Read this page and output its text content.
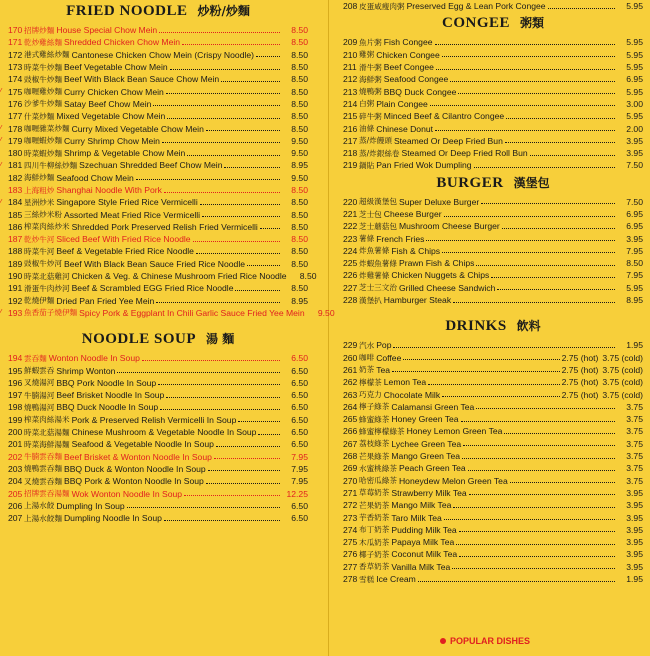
FRIED NOODLE 炒粉/炒麵
170 招牌炒麵 House Special Chow Mein	8.50
171 乾炒雞絲麵 Shredded Chicken Chow Mein	8.50
172 港式雞絲炒麵 Cantonese Chicken Chow Mein (Crispy Noodle)	8.50
173 時菜牛炒麵 Beef Vegetable Chow Mein	8.50
174 豉椒牛炒麵 Beef With Black Bean Sauce Chow Mein	8.50
⁄ 175 咖喱雞炒麵 Curry Chicken Chow Mein	8.50
176 沙爹牛炒麵 Satay Beef Chow Mein	8.50
177 什菜炒麵 Mixed Vegetable Chow Mein	8.50
⁄ 178 咖喱雜菜炒麵 Curry Mixed Vegetable Chow Mein	8.50
⁄ 179 咖喱蝦炒麵 Curry Shrimp Chow Mein	9.50
180 時菜蝦炒麵 Shrimp & Vegetable Chow Mein	9.50
⁄ 181 四川牛柳絲炒麵 Szechuan Shredded Beef Chow Mein	8.95
182 海鮮炒麵 Seafood Chow Mein	9.50
183 上海粗炒 Shanghai Noodle With Pork	8.50
⁄ 184 星洲炒米 Singapore Style Fried Rice Vermicelli	8.50
185 三絲炒米粉 Assorted Meat Fried Rice Vermicelli	8.50
186 榨菜肉絲炒米 Shredded Pork Preserved Relish Fried Vermicelli	8.50
187 乾炒牛河 Sliced Beef With Fried Rice Noodle	8.50
188 時菜牛河 Beef & Vegetable Fried Rice Noodle	8.50
189 豉椒牛炒河 Beef With Black Bean Sauce Fried Rice Noodle	8.50
190 時菜北菇雞河 Chicken & Veg. & Chinese Mushroom Fried Rice Noodle	8.50
191 滑蛋牛肉炒河 Beef & Scrambled EGG Fried Rice Noodle	8.50
192 乾燒伊麵 Dried Pan Fried Yee Mein	8.95
⁄ 193 魚香茄子燒伊麵 Spicy Pork & Eggplant In Chili Garlic Sauce Fried Yee Mein	9.50
NOODLE SOUP 湯 麵
194 雲吞麵 Wonton Noodle In Soup	6.50
195 鮮蝦雲吞 Shrimp Wonton	6.50
196 叉燒湯河 BBQ Pork Noodle In Soup	6.50
197 牛腩湯河 Beef Brisket Noodle In Soup	6.50
198 燒鴨湯河 BBQ Duck Noodle In Soup	6.50
199 榨菜肉絲湯米 Pork & Preserved Relish Vermicelli In Soup	6.50
200 時菜北菇湯麵 Chinese Mushroom & Vegetable Noodle In Soup	6.50
201 時菜海鮮湯麵 Seafood & Vegetable Noodle In Soup	6.50
202 牛腩雲吞麵 Beef Brisket & Wonton Noodle In Soup	7.95
203 燒鴨雲吞麵 BBQ Duck & Wonton Noodle In Soup	7.95
204 叉燒雲吞麵 BBQ Pork & Wonton Noodle In Soup	7.95
205 招牌雲吞湯麵 Wok Wonton Noodle In Soup	12.25
206 上湯水餃 Dumpling In Soup	6.50
207 上湯水餃麵 Dumpling Noodle In Soup	6.50
208 皮蛋咸瘦肉粥 Preserved Egg & Lean Pork Congee	5.95
CONGEE 粥類
209 魚片粥 Fish Congee	5.95
210 雞粥 Chicken Congee	5.95
211 滑牛粥 Beef Congee	5.95
212 海鮮粥 Seafood Congee	6.95
213 燒鴨粥 BBQ Duck Congee	5.95
214 白粥 Plain Congee	3.00
215 碎牛粥 Minced Beef & Cilantro Congee	5.95
216 油條 Chinese Donut	2.00
217 蒸/炸饅頭 Steamed Or Deep Fried Bun	3.95
218 蒸/炸銀絲卷 Steamed Or Deep Fried Roll Bun	3.95
219 鍋貼 Pan Fried Wok Dumpling	7.50
BURGER 漢堡包
220 超級漢堡包 Super Deluxe Burger	7.50
221 芝士包 Cheese Burger	6.95
222 芝士蘑菇包 Mushroom Cheese Burger	6.95
223 薯條 French Fries	3.95
224 炸魚薯條 Fish & Chips	7.95
225 炸蝦魚薯條 Prawn Fish & Chips	8.50
226 炸雞薯條 Chicken Nuggets & Chips	7.95
227 芝士三文治 Grilled Cheese Sandwich	5.95
228 漢堡扒 Hamburger Steak	8.95
DRINKS 飲料
229 汽水 Pop	1.95
260 咖啡 Coffee	2.75 (hot) 3.75 (cold)
261 奶茶 Tea	2.75 (hot) 3.75 (cold)
262 檸檬茶 Lemon Tea	2.75 (hot) 3.75 (cold)
263 巧克力 Chocolate Milk	2.75 (hot) 3.75 (cold)
264 檸子綠茶 Calamansi Green Tea	3.75
265 蜂蜜綠茶 Honey Green Tea	3.75
266 蜂蜜檸檬綠茶 Honey Lemon Green Tea	3.75
267 荔枝綠茶 Lychee Green Tea	3.75
268 芒果綠茶 Mango Green Tea	3.75
269 水蜜桃綠茶 Peach Green Tea	3.75
270 哈密瓜綠茶 Honeydew Melon Green Tea	3.75
271 草莓奶茶 Strawberry Milk Tea	3.95
272 芒果奶茶 Mango Milk Tea	3.95
273 芋香奶茶 Taro Milk Tea	3.95
274 布丁奶茶 Pudding Milk Tea	3.95
275 木瓜奶茶 Papaya Milk Tea	3.95
276 椰子奶茶 Coconut Milk Tea	3.95
277 香草奶茶 Vanilla Milk Tea	3.95
278 雪糕 Ice Cream	1.95
POPULAR DISHES
